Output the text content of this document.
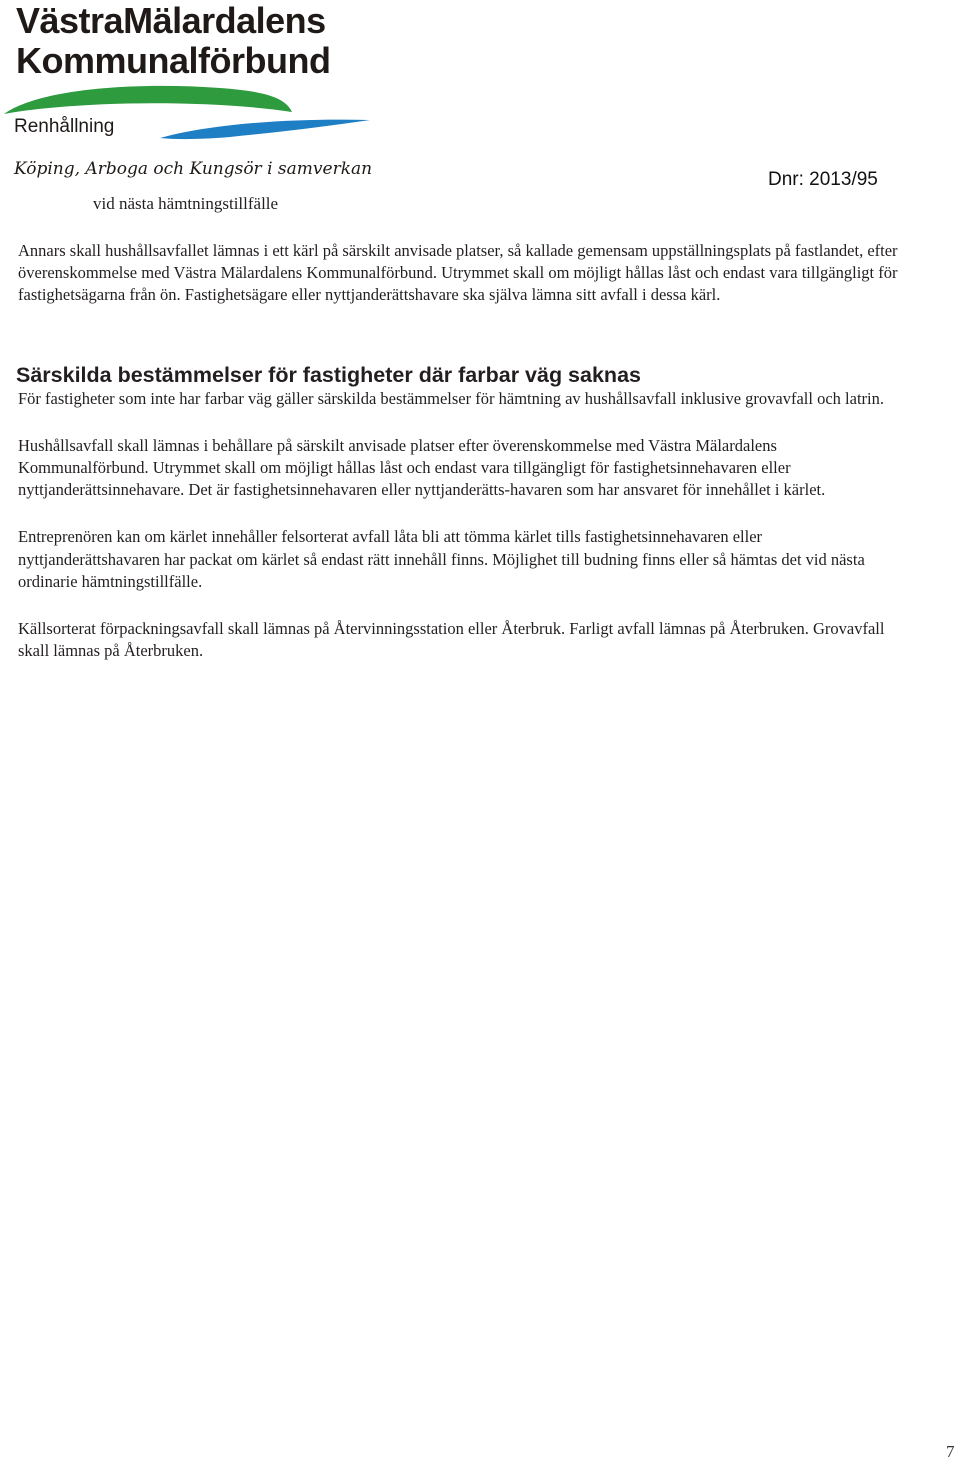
VästraMälardalens
Kommunalförbund
Renhållning
Köping, Arboga och Kungsör i samverkan	Dnr: 2013/95
vid nästa hämtningstillfälle

Annars skall hushållsavfallet lämnas i ett kärl på särskilt anvisade platser, så kallade gemensam uppställningsplats på fastlandet, efter överenskommelse med Västra Mälardalens Kommunalförbund. Utrymmet skall om möjligt hållas låst och endast vara tillgängligt för fastighetsägarna från ön. Fastighetsägare eller nyttjanderättshavare ska själva lämna sitt avfall i dessa kärl.

Särskilda bestämmelser för fastigheter där farbar väg saknas

För fastigheter som inte har farbar väg gäller särskilda bestämmelser för hämtning av hushållsavfall inklusive grovavfall och latrin.

Hushållsavfall skall lämnas i behållare på särskilt anvisade platser efter överenskommelse med Västra Mälardalens Kommunalförbund. Utrymmet skall om möjligt hållas låst och endast vara tillgängligt för fastighetsinnehavaren eller nyttjanderättsinnehavare. Det är fastighetsinnehavaren eller nyttjanderätts-havaren som har ansvaret för innehållet i kärlet.

Entreprenören kan om kärlet innehåller felsorterat avfall låta bli att tömma kärlet tills fastighetsinnehavaren eller nyttjanderättshavaren har packat om kärlet så endast rätt innehåll finns. Möjlighet till budning finns eller så hämtas det vid nästa ordinarie hämtningstillfälle.

Källsorterat förpackningsavfall skall lämnas på Återvinningsstation eller Återbruk. Farligt avfall lämnas på Återbruken. Grovavfall skall lämnas på Återbruken.

7
